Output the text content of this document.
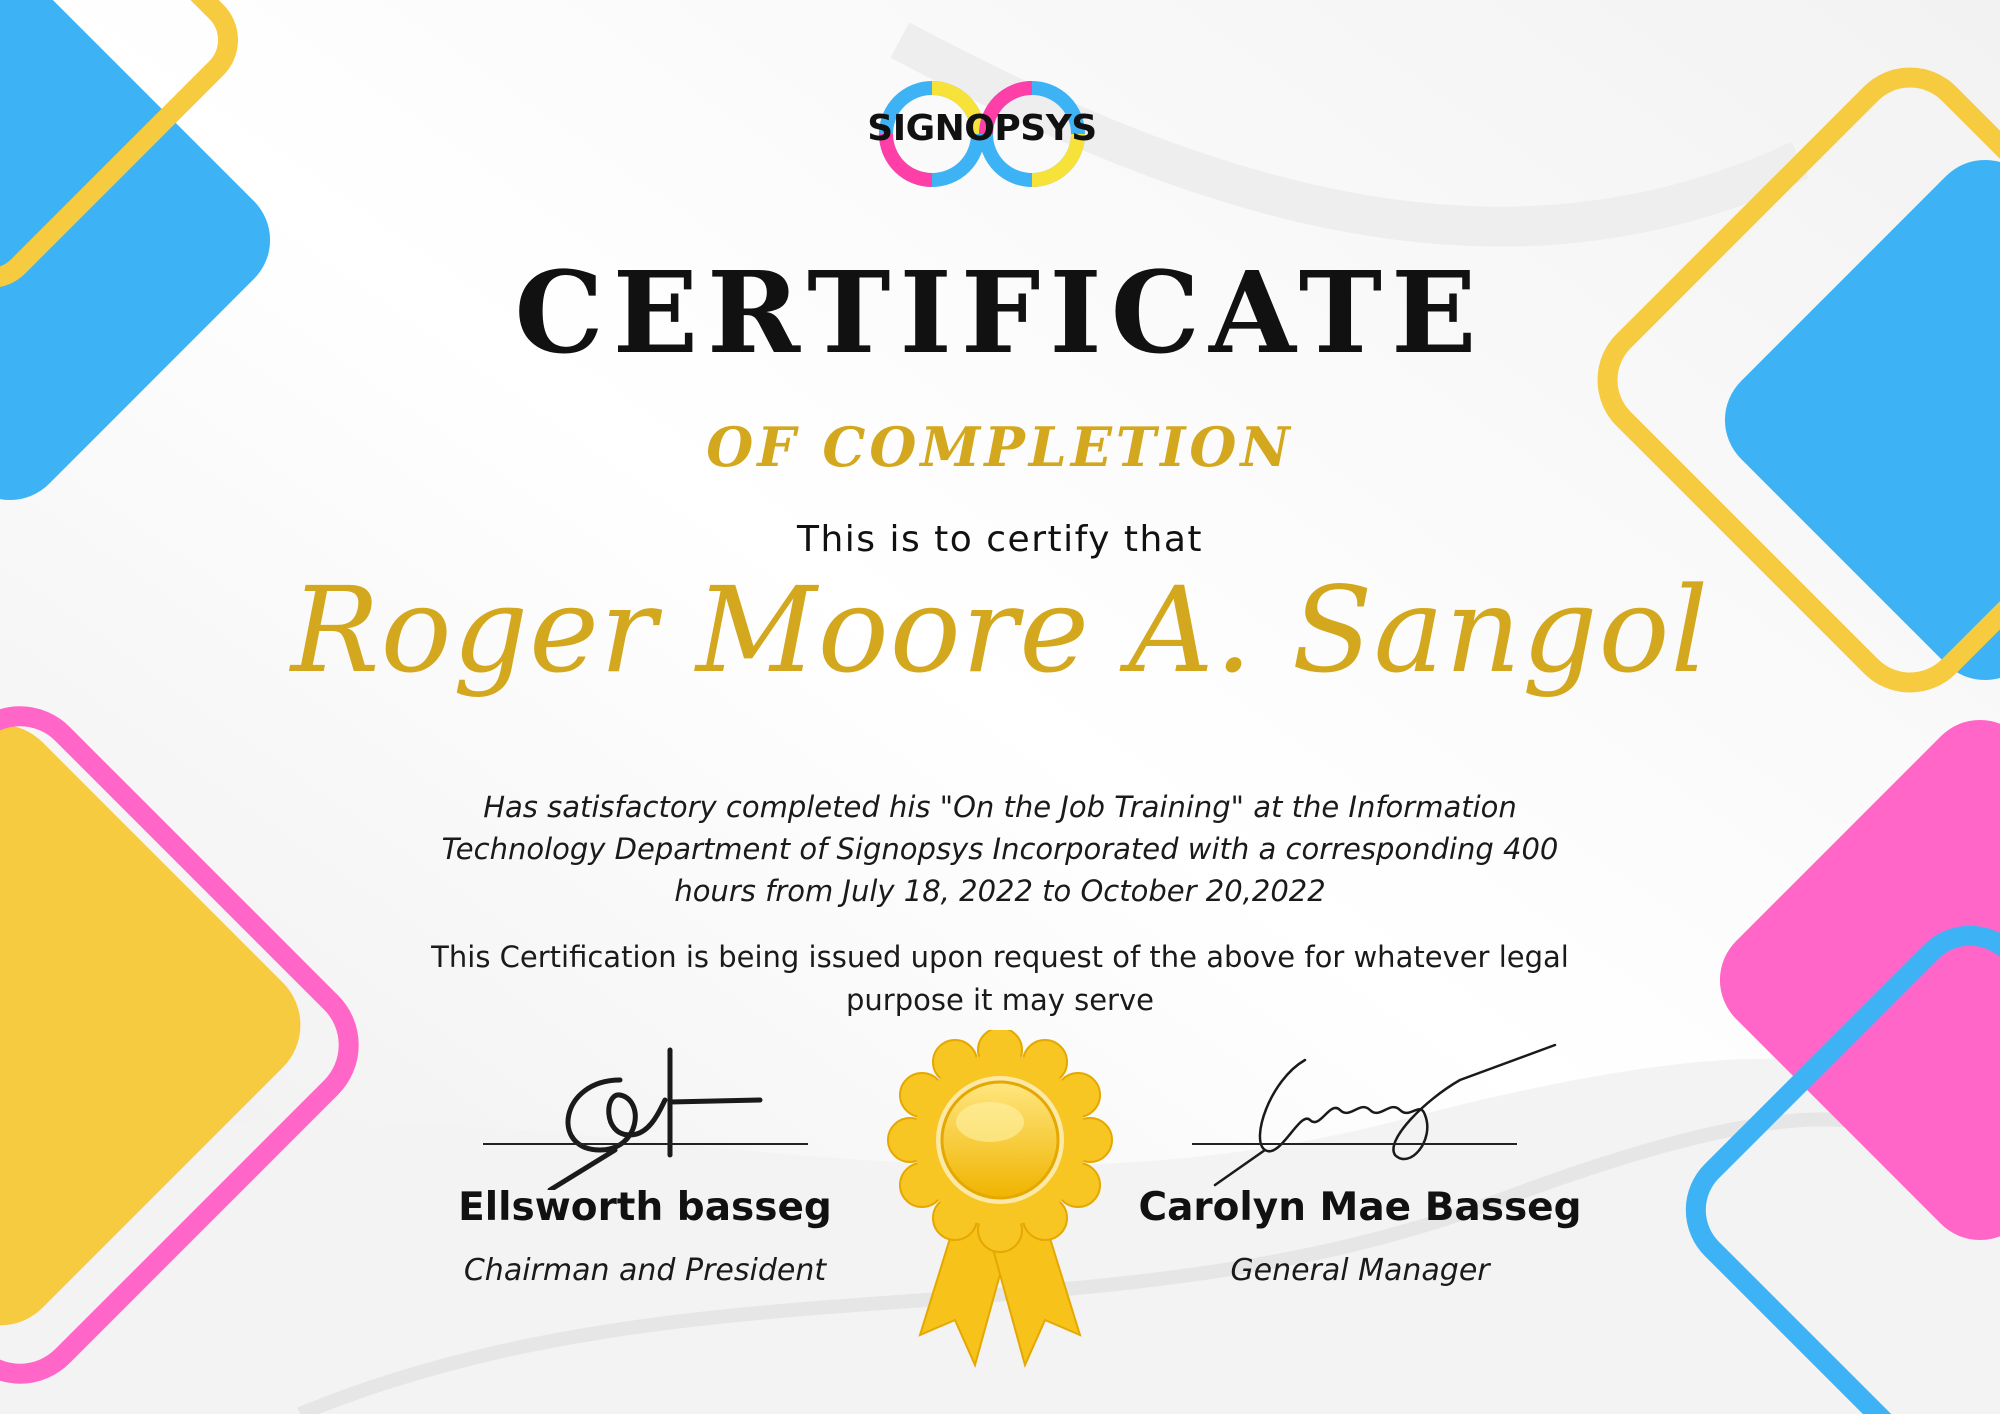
SIGNOPSYS
CERTIFICATE
OF COMPLETION
This is to certify that
Roger Moore A. Sangol
Has satisfactory completed his "On the Job Training" at the Information Technology Department of Signopsys Incorporated with a corresponding 400 hours from July 18, 2022 to October 20,2022
This Certification is being issued upon request of the above for whatever legal purpose it may serve
Ellsworth basseg
Chairman and President
Carolyn Mae Basseg
General Manager
